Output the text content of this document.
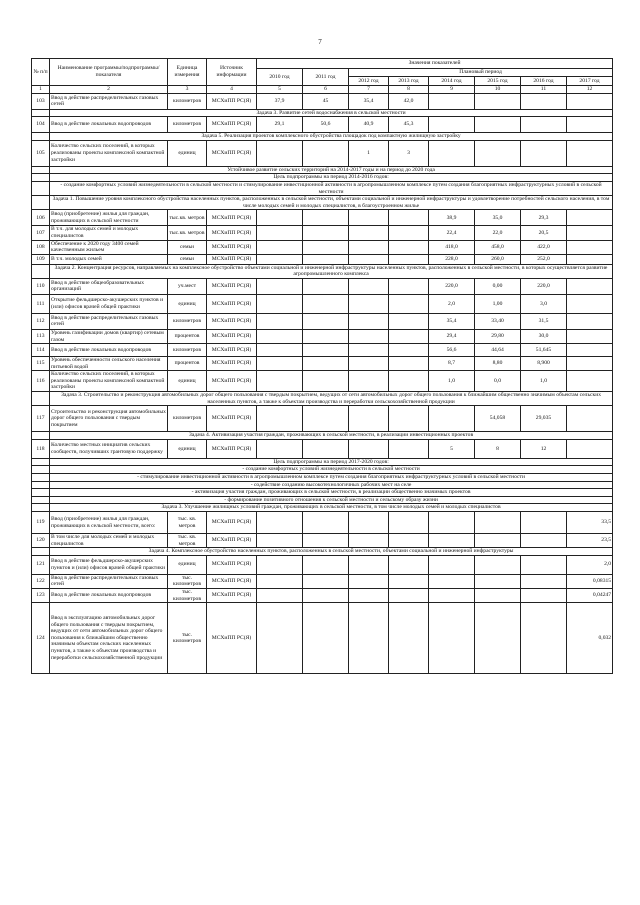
7
№ п/п	Наименование программы/подпрограммы/показателя	Единица измерения	Источник информации	Значения показателей							
				2010 год	2011 год	Плановый период					
						2012 год	2013 год	2014 год	2015 год	2016 год	2017 год
1	2	3	4	5	6	7	8	9	10	11	12
103	Ввод в действие распределительных газовых сетей	километров	МСХиПП РС(Я)	37,9	45	35,4	42,0				
	Задача 3. Развитие сетей водоснабжения в сельской местности										
104	Ввод в действие локальных водопроводов	километров	МСХиПП РС(Я)	29,1	50,6	40,9	45,3				
	Задача 5. Реализация проектов комплексного обустройства площадок под компактную жилищную застройку										
105	Количество сельских поселений, в которых реализованы проекты комплексной компактной застройки	единиц	МСХиПП РС(Я)			1	3				
	Устойчивое развитие сельских территорий на 2014-2017 годы и на период до 2020 года										
	Цель подпрограммы на период 2014-2016 годов:										
	- создание комфортных условий жизнедеятельности в сельской местности и стимулирование инвестиционной активности в агропромышленном комплексе путем создания благоприятных инфраструктурных условий в сельской местности										
	Задача 1. Повышение уровня комплексного обустройства населенных пунктов, расположенных в сельской местности, объектами социальной и инженерной инфраструктуры и удовлетворение потребностей сельского населения, в том числе молодых семей и молодых специалистов, в благоустроенном жилье										
106	Ввод (приобретение) жилья для граждан, проживающих в сельской местности	тыс.кв. метров	МСХиПП РС(Я)					38,9	35,0	29,3	
107	В т.ч. для молодых семей и молодых специалистов	тыс.кв. метров	МСХиПП РС(Я)					22,4	22,0	20,5	
108	Обеспечение к 2020 году 3400 семей качественным жильем	семьи	МСХиПП РС(Я)					418,0	458,0	422,0	
109	В т.ч. молодых семей	семьи	МСХиПП РС(Я)					228,0	260,0	252,0	
	Задача 2. Концентрация ресурсов, направляемых на комплексное обустройство объектами социальной и инженерной инфраструктуры населенных пунктов, расположенных в сельской местности, в которых осуществляется развитие агропромышленного комплекса										
110	Ввод в действие общеобразовательных организаций	уч.мест	МСХиПП РС(Я)					220,0	0,00	220,0	
111	Открытие фельдшерско-акушерских пунктов и (или) офисов врачей общей практики	единиц	МСХиПП РС(Я)					2,0	1,00	3,0	
112	Ввод в действие распределительных газовых сетей	километров	МСХиПП РС(Я)					35,4	33,40	31,5	
113	Уровень газификации домов (квартир) сетевым газом	процентов	МСХиПП РС(Я)					29,4	29,80	30,0	
114	Ввод в действие локальных водопроводов	километров	МСХиПП РС(Я)					56,6	44,64	51,645	
115	Уровень обеспеченности сельского населения питьевой водой	процентов	МСХиПП РС(Я)					8,7	8,80	8,900	
116	Количество сельских поселений, в которых реализованы проекты комплексной компактной застройки	единиц	МСХиПП РС(Я)					1,0	0,0	1,0	
	Задача 3. Строительство и реконструкция автомобильных дорог общего пользования с твердым покрытием, ведущих от сети автомобильных дорог общего пользования к ближайшим общественно значимым объектам сельских населенных пунктов, а также к объектам производства и переработки сельскохозяйственной продукции										
117	Строительство и реконструкция автомобильных дорог общего пользования с твердым покрытием	километров	МСХиПП РС(Я)						54,058	29,035	
	Задача 4. Активизация участия граждан, проживающих в сельской местности, в реализации инвестиционных проектов										
118	Количество местных инициатив сельских сообществ, получивших грантовую поддержку	единиц	МСХиПП РС(Я)					5	8	12	
	Цель подпрограммы на период 2017-2020 годов:										
	- создание комфортных условий жизнедеятельности в сельской местности										
	- стимулирование инвестиционной активности в агропромышленном комплексе путем создания благоприятных инфраструктурных условий в сельской местности										
	- содействие созданию высокотехнологичных рабочих мест на селе										
	- активизация участия граждан, проживающих в сельской местности, в реализации общественно значимых проектов										
	- формирование позитивного отношения к сельской местности и сельскому образу жизни										
	Задача 3. Улучшение жилищных условий граждан, проживающих в сельской местности, в том числе молодых семей и молодых специалистов										
119	Ввод (приобретение) жилья для граждан, проживающих в сельской местности, всего:	тыс. кв. метров	МСХиПП РС(Я)								33,5
120	В том числе для молодых семей и молодых специалистов	тыс. кв. метров	МСХиПП РС(Я)								23,5
	Задача 4. Комплексное обустройство населенных пунктов, расположенных в сельской местности, объектами социальной и инженерной инфраструктуры										
121	Ввод в действие фельдшерско-акушерских пунктов и (или) офисов врачей общей практики	единиц	МСХиПП РС(Я)								2,0
122	Ввод в действие распределительных газовых сетей	тыс. километров	МСХиПП РС(Я)								0,08315
123	Ввод в действие локальных водопроводов	тыс. километров	МСХиПП РС(Я)								0,04247
124	Ввод в эксплуатацию автомобильных дорог общего пользования с твердым покрытием, ведущих от сети автомобильных дорог общего пользования к ближайшим общественно значимым объектам сельских населенных пунктов, а также к объектам производства и переработки сельскохозяйственной продукции	тыс. километров	МСХиПП РС(Я)								0,032
